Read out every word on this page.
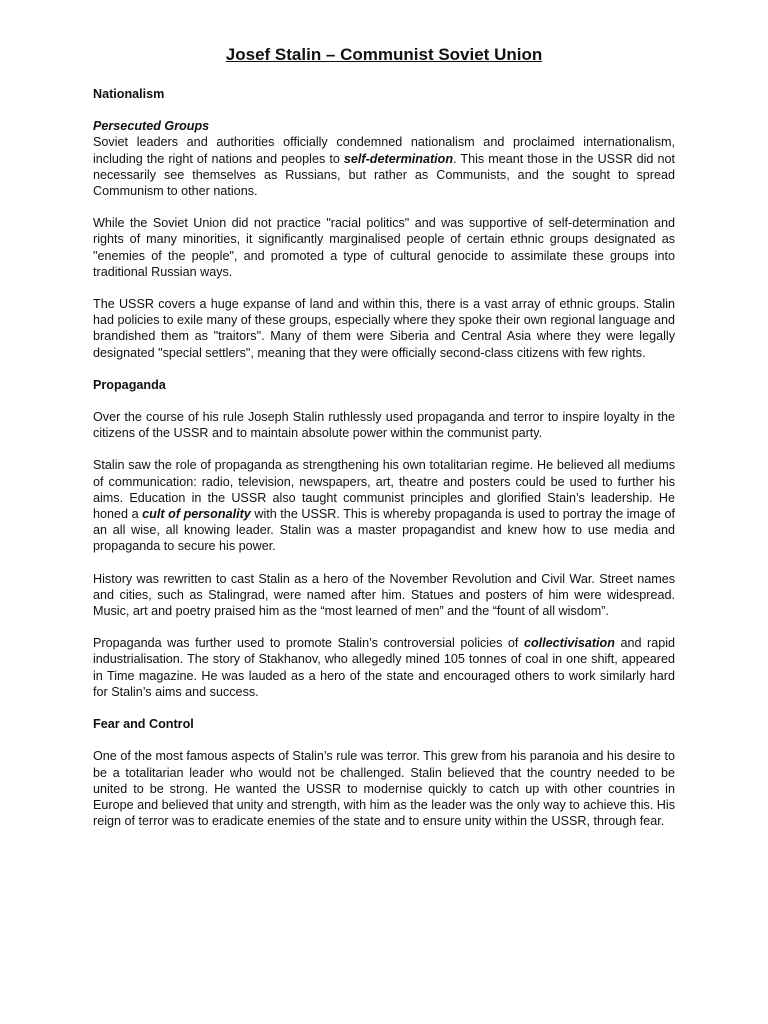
Josef Stalin – Communist Soviet Union
Nationalism
Persecuted Groups

Soviet leaders and authorities officially condemned nationalism and proclaimed internationalism, including the right of nations and peoples to self-determination. This meant those in the USSR did not necessarily see themselves as Russians, but rather as Communists, and the sought to spread Communism to other nations.

While the Soviet Union did not practice "racial politics" and was supportive of self-determination and rights of many minorities, it significantly marginalised people of certain ethnic groups designated as "enemies of the people", and promoted a type of cultural genocide to assimilate these groups into traditional Russian ways.

The USSR covers a huge expanse of land and within this, there is a vast array of ethnic groups. Stalin had policies to exile many of these groups, especially where they spoke their own regional language and brandished them as "traitors". Many of them were Siberia and Central Asia where they were legally designated "special settlers", meaning that they were officially second-class citizens with few rights.

Propaganda

Over the course of his rule Joseph Stalin ruthlessly used propaganda and terror to inspire loyalty in the citizens of the USSR and to maintain absolute power within the communist party.

Stalin saw the role of propaganda as strengthening his own totalitarian regime. He believed all mediums of communication: radio, television, newspapers, art, theatre and posters could be used to further his aims. Education in the USSR also taught communist principles and glorified Stain’s leadership. He honed a cult of personality with the USSR. This is whereby propaganda is used to portray the image of an all wise, all knowing leader. Stalin was a master propagandist and knew how to use media and propaganda to secure his power.

History was rewritten to cast Stalin as a hero of the November Revolution and Civil War. Street names and cities, such as Stalingrad, were named after him. Statues and posters of him were widespread. Music, art and poetry praised him as the “most learned of men” and the “fount of all wisdom”.

Propaganda was further used to promote Stalin’s controversial policies of collectivisation and rapid industrialisation. The story of Stakhanov, who allegedly mined 105 tonnes of coal in one shift, appeared in Time magazine. He was lauded as a hero of the state and encouraged others to work similarly hard for Stalin’s aims and success.

Fear and Control

One of the most famous aspects of Stalin’s rule was terror. This grew from his paranoia and his desire to be a totalitarian leader who would not be challenged. Stalin believed that the country needed to be united to be strong. He wanted the USSR to modernise quickly to catch up with other countries in Europe and believed that unity and strength, with him as the leader was the only way to achieve this. His reign of terror was to eradicate enemies of the state and to ensure unity within the USSR, through fear.
